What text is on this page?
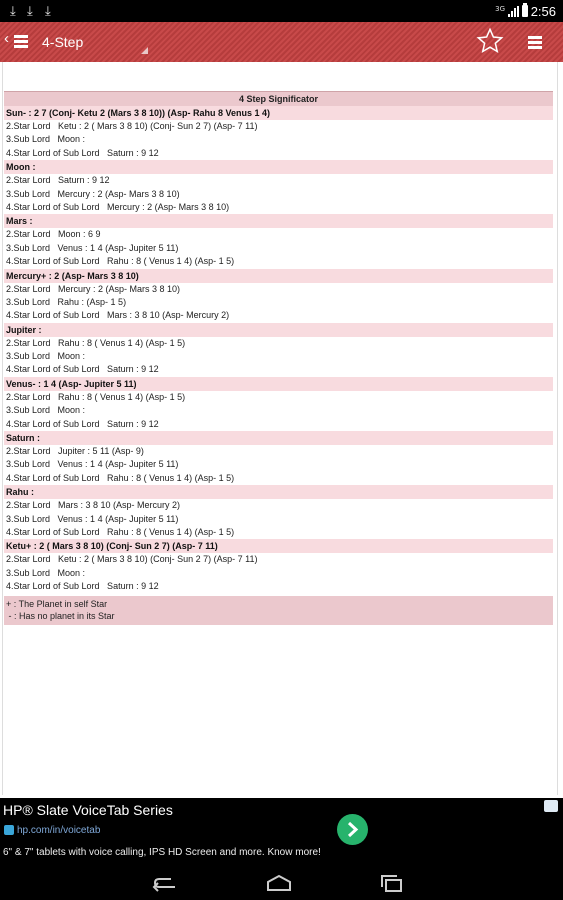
⤓ ⤓ ⤓	3G 2:56
‹ 4-Step
4 Step Significator
Sun- : 2 7 (Conj- Ketu 2 (Mars 3 8 10)) (Asp- Rahu 8 Venus 1 4)
2.Star Lord   Ketu : 2 ( Mars 3 8 10) (Conj- Sun 2 7) (Asp- 7 11)
3.Sub Lord   Moon :
4.Star Lord of Sub Lord   Saturn : 9 12
Moon :
2.Star Lord   Saturn : 9 12
3.Sub Lord   Mercury : 2 (Asp- Mars 3 8 10)
4.Star Lord of Sub Lord   Mercury : 2 (Asp- Mars 3 8 10)
Mars :
2.Star Lord   Moon : 6 9
3.Sub Lord   Venus : 1 4 (Asp- Jupiter 5 11)
4.Star Lord of Sub Lord   Rahu : 8 ( Venus 1 4) (Asp- 1 5)
Mercury+ : 2 (Asp- Mars 3 8 10)
2.Star Lord   Mercury : 2 (Asp- Mars 3 8 10)
3.Sub Lord   Rahu : (Asp- 1 5)
4.Star Lord of Sub Lord   Mars : 3 8 10 (Asp- Mercury 2)
Jupiter :
2.Star Lord   Rahu : 8 ( Venus 1 4) (Asp- 1 5)
3.Sub Lord   Moon :
4.Star Lord of Sub Lord   Saturn : 9 12
Venus- : 1 4 (Asp- Jupiter 5 11)
2.Star Lord   Rahu : 8 ( Venus 1 4) (Asp- 1 5)
3.Sub Lord   Moon :
4.Star Lord of Sub Lord   Saturn : 9 12
Saturn :
2.Star Lord   Jupiter : 5 11 (Asp- 9)
3.Sub Lord   Venus : 1 4 (Asp- Jupiter 5 11)
4.Star Lord of Sub Lord   Rahu : 8 ( Venus 1 4) (Asp- 1 5)
Rahu :
2.Star Lord   Mars : 3 8 10 (Asp- Mercury 2)
3.Sub Lord   Venus : 1 4 (Asp- Jupiter 5 11)
4.Star Lord of Sub Lord   Rahu : 8 ( Venus 1 4) (Asp- 1 5)
Ketu+ : 2 ( Mars 3 8 10) (Conj- Sun 2 7) (Asp- 7 11)
2.Star Lord   Ketu : 2 ( Mars 3 8 10) (Conj- Sun 2 7) (Asp- 7 11)
3.Sub Lord   Moon :
4.Star Lord of Sub Lord   Saturn : 9 12
+ : The Planet in self Star
- : Has no planet in its Star
HP® Slate VoiceTab Series
hp.com/in/voicetab
6" & 7" tablets with voice calling, IPS HD Screen and more. Know more!
